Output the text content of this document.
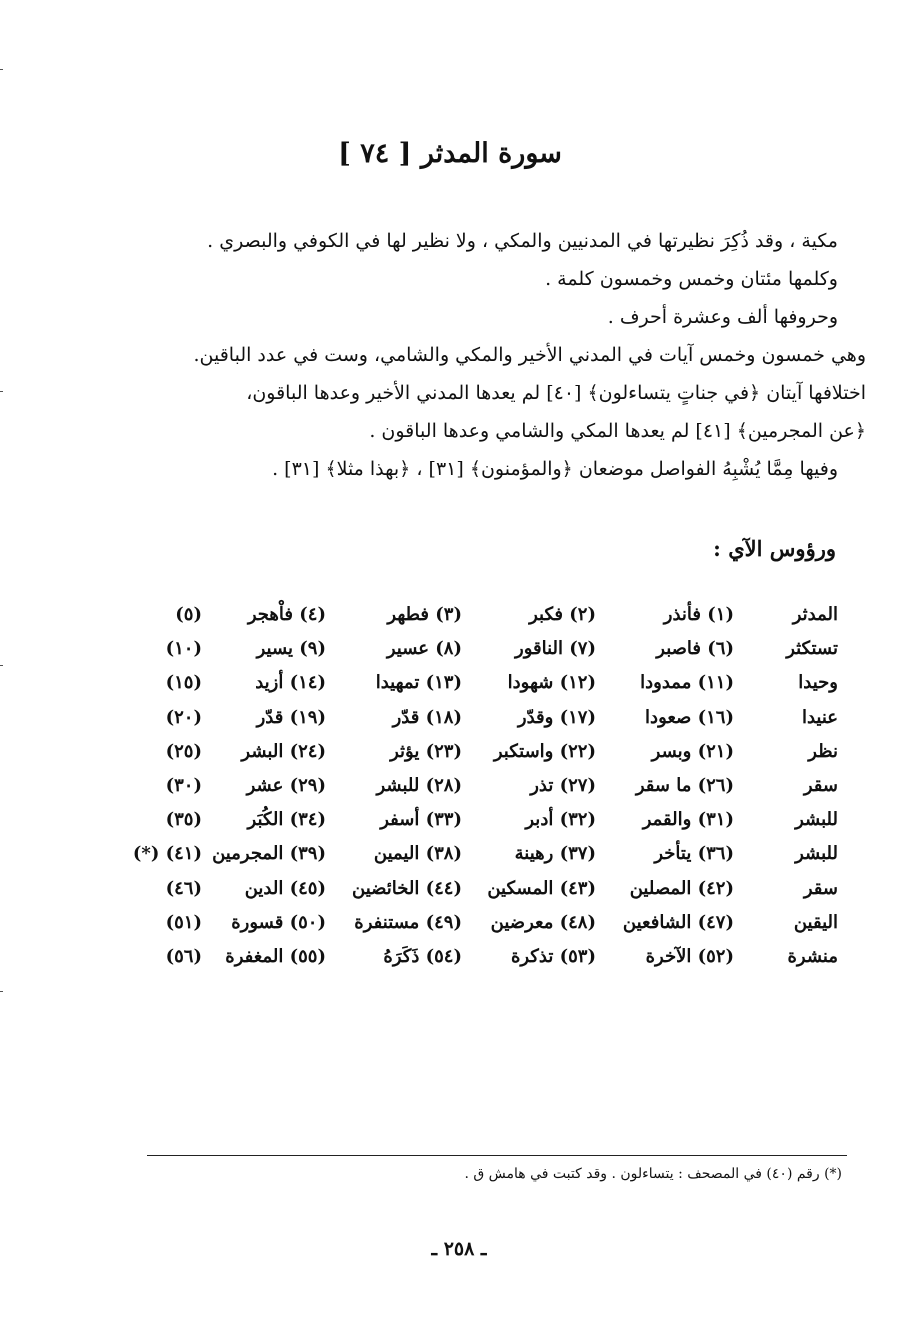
╴
╴
╴
╴
سورة المدثر [ ٧٤ ]

مكية ، وقد ذُكِرَ نظيرتها في المدنيين والمكي ، ولا نظير لها في الكوفي والبصري .

وكلمها مئتان وخمس وخمسون كلمة .

وحروفها ألف وعشرة أحرف .

وهي خمسون وخمس آيات في المدني الأخير والمكي والشامي، وست في عدد الباقين.

اختلافها آيتان ﴿في جناتٍ يتساءلون﴾ [٤٠] لم يعدها المدني الأخير وعدها الباقون،

﴿عن المجرمين﴾ [٤١] لم يعدها المكي والشامي وعدها الباقون .

وفيها مِمَّا يُشْبِهُ الفواصل موضعان ﴿والمؤمنون﴾ [٣١] ، ﴿بهذا مثلا﴾ [٣١] .

ورؤوس الآي :
المدثر
(١) فأنذر
(٢) فكبر
(٣) فطهر
(٤) فاْهجر
(٥)
تستكثر
(٦) فاصبر
(٧) الناقور
(٨) عسير
(٩) يسير
(١٠)
وحيدا
(١١) ممدودا
(١٢) شهودا
(١٣) تمهيدا
(١٤) أزيد
(١٥)
عنيدا
(١٦) صعودا
(١٧) وقدّر
(١٨) قدّر
(١٩) قدّر
(٢٠)
نظر
(٢١) وبسر
(٢٢) واستكبر
(٢٣) يؤثر
(٢٤) البشر
(٢٥)
سقر
(٢٦) ما سقر
(٢٧) تذر
(٢٨) للبشر
(٢٩) عشر
(٣٠)
للبشر
(٣١) والقمر
(٣٢) أدبر
(٣٣) أسفر
(٣٤) الكُبَر
(٣٥)
للبشر
(٣٦) يتأخر
(٣٧) رهينة
(٣٨) اليمين
(٣٩) المجرمين
(٤١) (*)
سقر
(٤٢) المصلين
(٤٣) المسكين
(٤٤) الخائضين
(٤٥) الدين
(٤٦)
اليقين
(٤٧) الشافعين
(٤٨) معرضين
(٤٩) مستنفرة
(٥٠) قسورة
(٥١)
منشرة
(٥٢) الآخرة
(٥٣) تذكرة
(٥٤) ذَكَرَهُ
(٥٥) المغفرة
(٥٦)
(*) رقم (٤٠) في المصحف : يتساءلون . وقد كتبت في هامش ق .
ـ ٢٥٨ ـ
